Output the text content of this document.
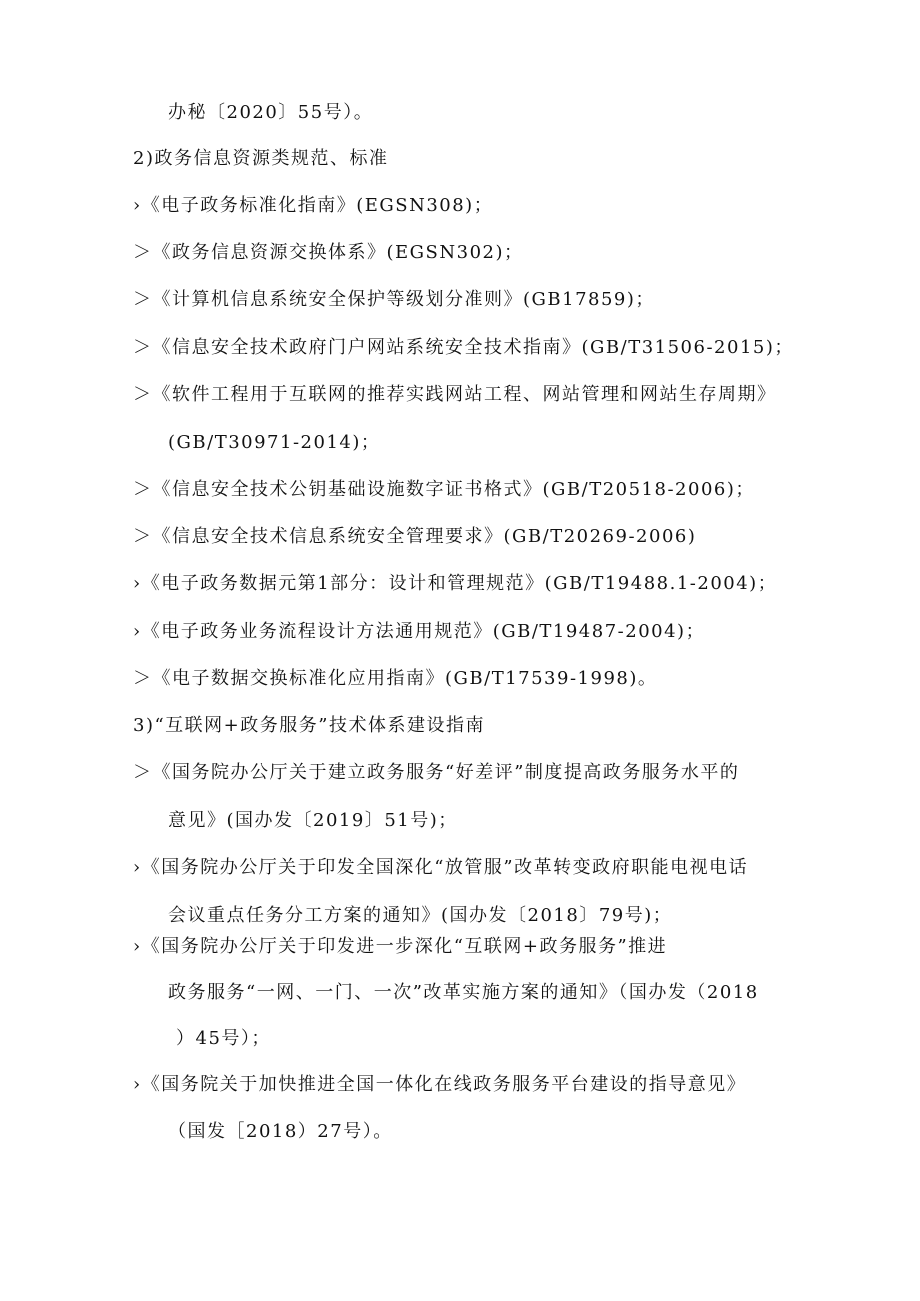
办秘〔2020〕55号）。
2)政务信息资源类规范、标准
›《电子政务标准化指南》(EGSN308)；
＞《政务信息资源交换体系》(EGSN302)；
＞《计算机信息系统安全保护等级划分准则》(GB17859)；
＞《信息安全技术政府门户网站系统安全技术指南》(GB/T31506-2015)；
＞《软件工程用于互联网的推荐实践网站工程、网站管理和网站生存周期》
(GB/T30971-2014)；
＞《信息安全技术公钥基础设施数字证书格式》(GB/T20518-2006)；
＞《信息安全技术信息系统安全管理要求》(GB/T20269-2006)
›《电子政务数据元第1部分：设计和管理规范》(GB/T19488.1-2004)；
›《电子政务业务流程设计方法通用规范》(GB/T19487-2004)；
＞《电子数据交换标准化应用指南》(GB/T17539-1998)。
3)“互联网+政务服务”技术体系建设指南
＞《国务院办公厅关于建立政务服务“好差评”制度提高政务服务水平的
意见》(国办发〔2019〕51号)；
›《国务院办公厅关于印发全国深化“放管服”改革转变政府职能电视电话
会议重点任务分工方案的通知》(国办发〔2018〕79号)；
›《国务院办公厅关于印发进一步深化“互联网+政务服务”推进
政务服务“一网、一门、一次”改革实施方案的通知》（国办发（2018
）45号）；
›《国务院关于加快推进全国一体化在线政务服务平台建设的指导意见》
（国发［2018）27号）。
